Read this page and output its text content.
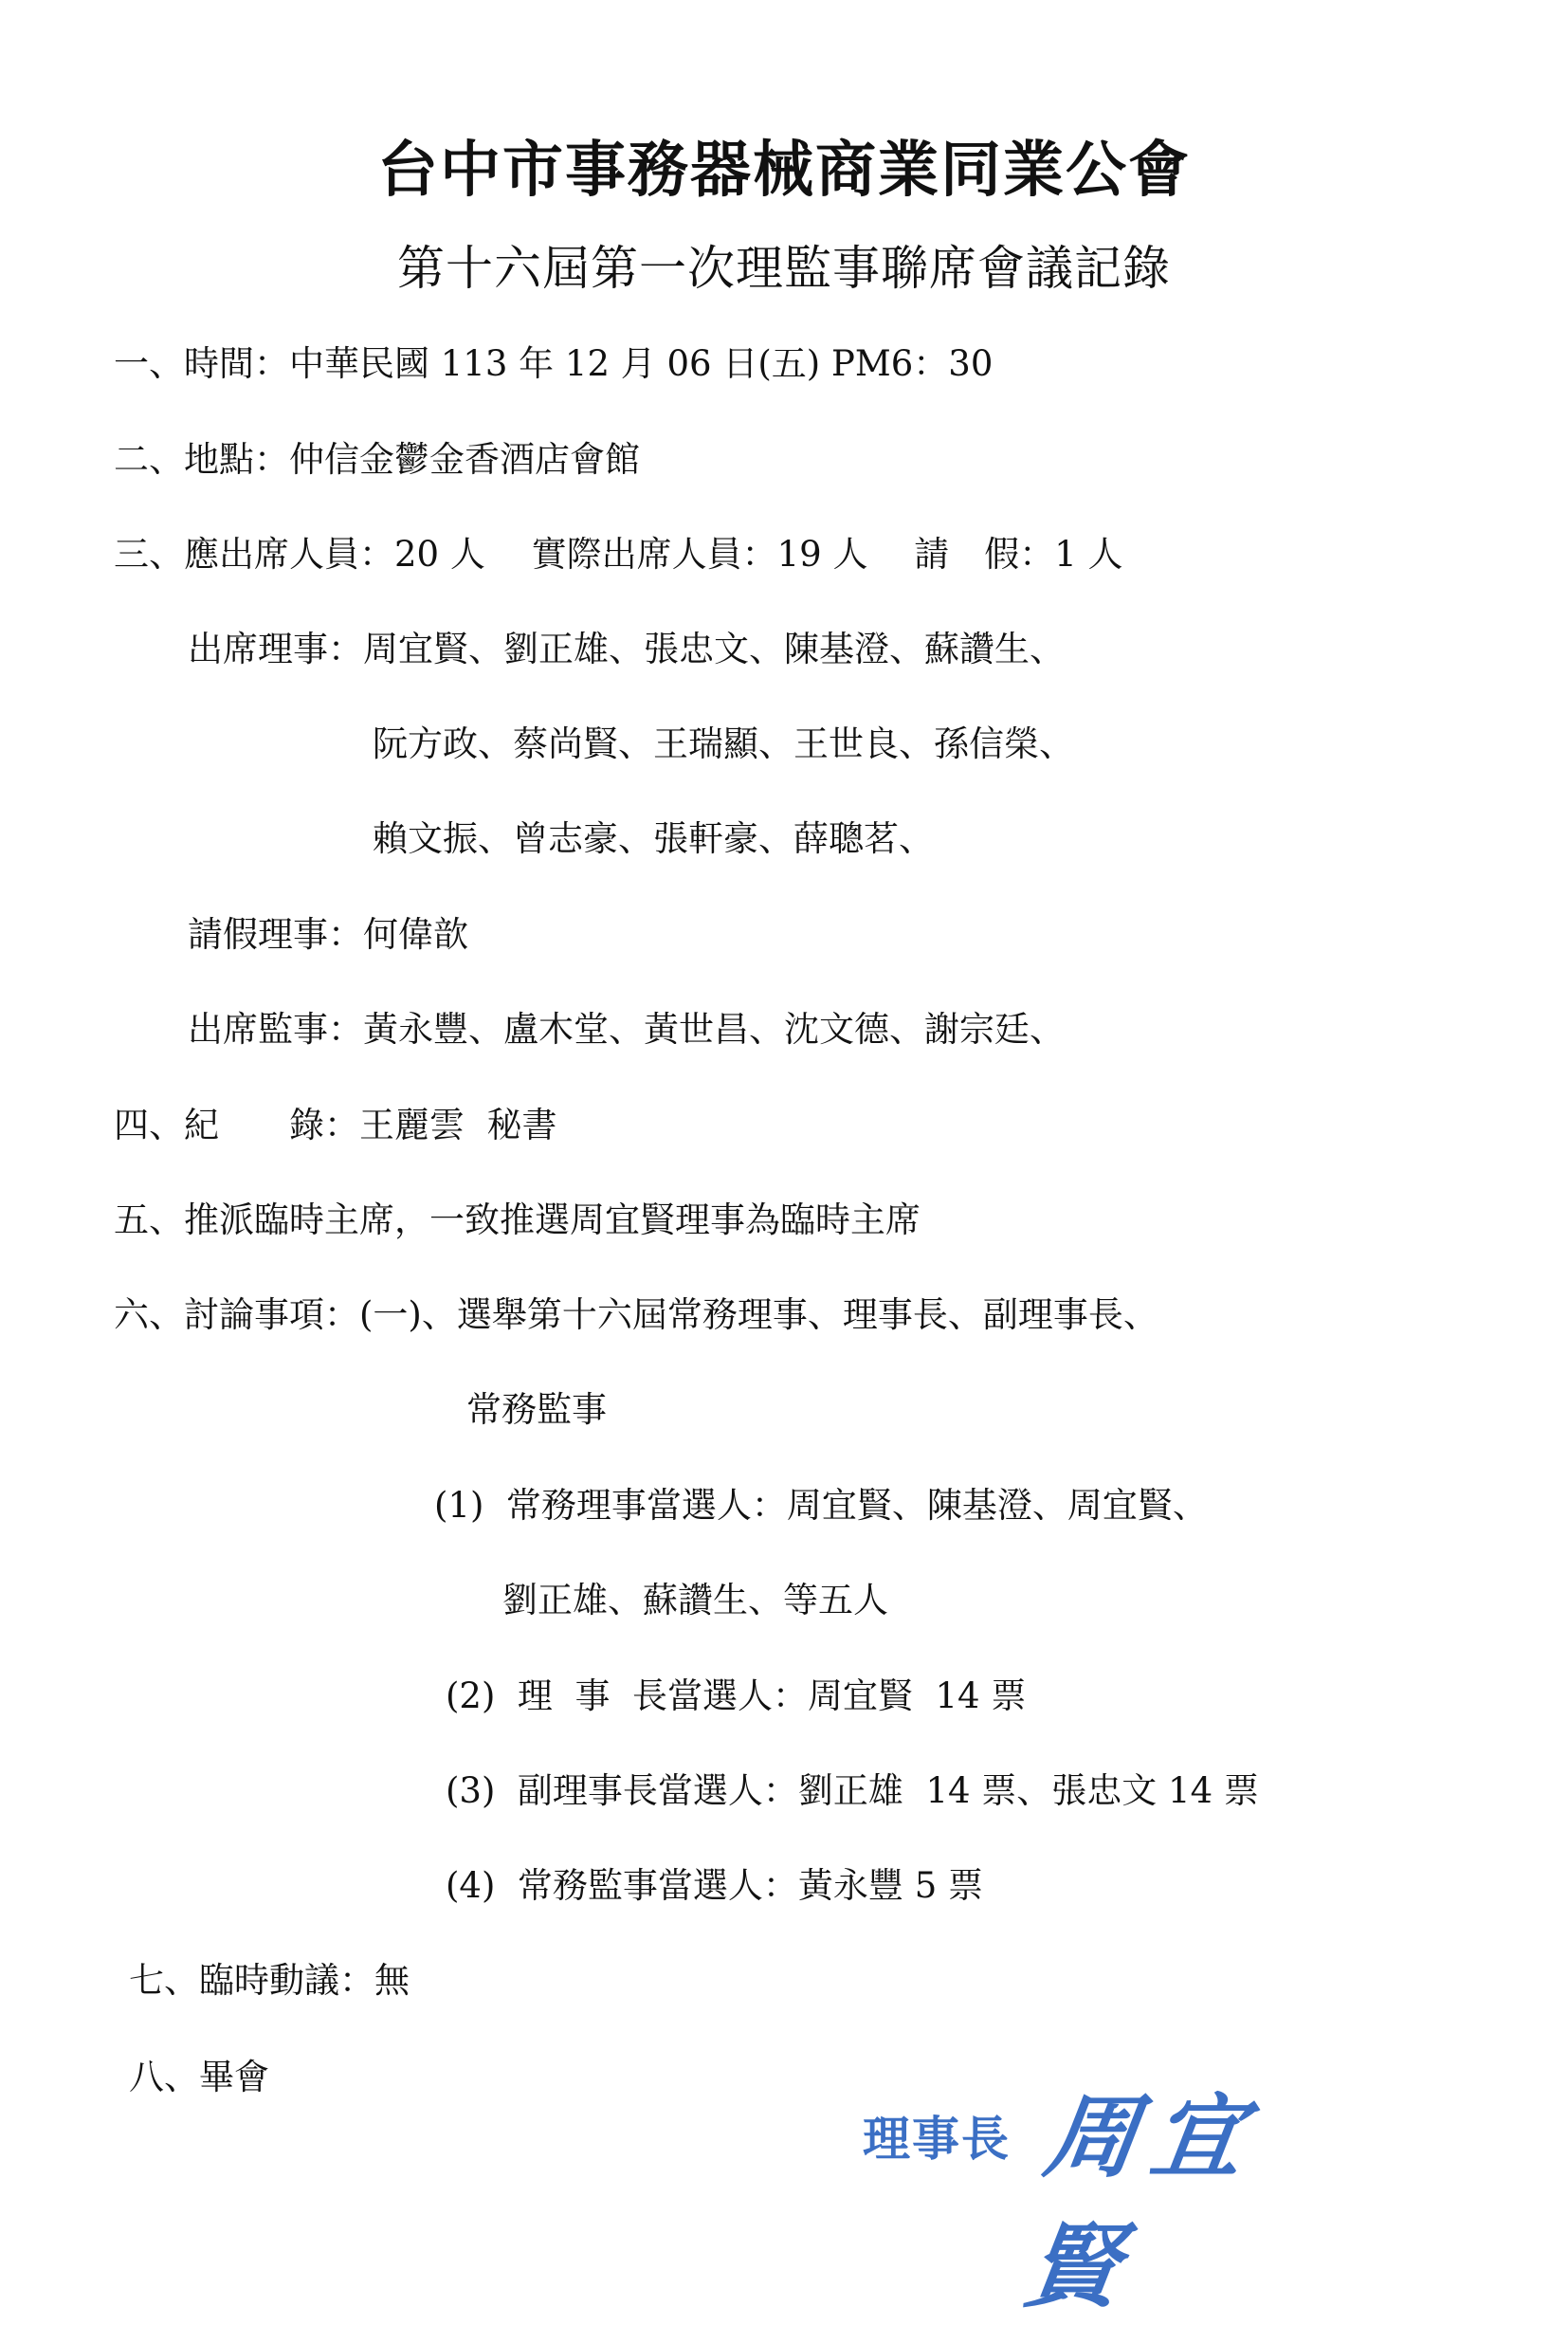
台中市事務器械商業同業公會
第十六屆第一次理監事聯席會議記錄
一、時間：中華民國 113 年 12 月 06 日(五) PM6：30
二、地點：仲信金鬱金香酒店會館
三、應出席人員：20 人　 實際出席人員：19 人　 請　假：1 人
出席理事：周宜賢、劉正雄、張忠文、陳基澄、蘇讚生、
阮方政、蔡尚賢、王瑞顯、王世良、孫信榮、
賴文振、曾志豪、張軒豪、薛聰茗、
請假理事：何偉歆
出席監事：黃永豐、盧木堂、黃世昌、沈文德、謝宗廷、
四、紀　　錄：王麗雲  秘書
五、推派臨時主席，一致推選周宜賢理事為臨時主席
六、討論事項：(一)、選舉第十六屆常務理事、理事長、副理事長、
常務監事
(1)  常務理事當選人：周宜賢、陳基澄、周宜賢、
劉正雄、蘇讚生、等五人
(2)  理  事  長當選人：周宜賢  14 票
(3)  副理事長當選人：劉正雄  14 票、張忠文 14 票
(4)  常務監事當選人：黃永豐 5 票
七、臨時動議：無
八、畢會
理事長 周宜賢
